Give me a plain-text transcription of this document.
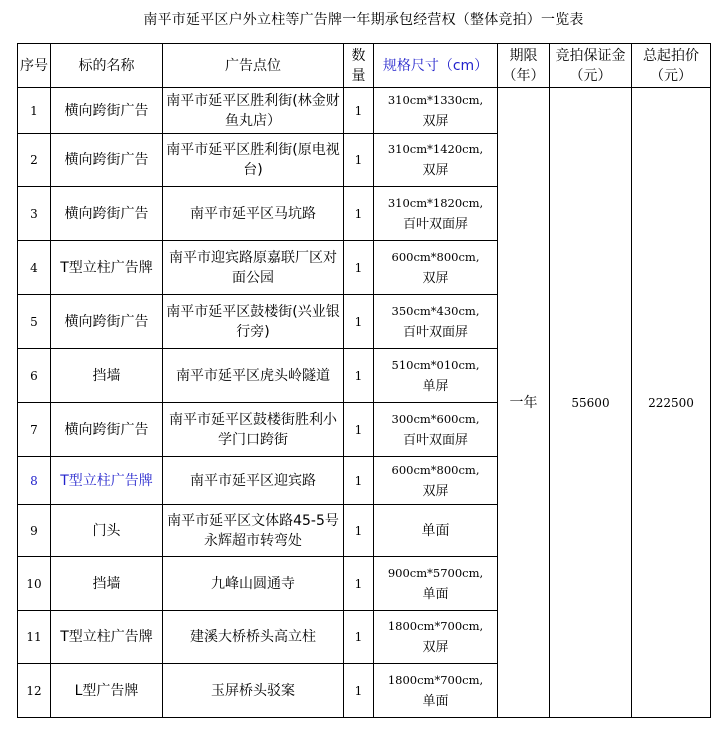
南平市延平区户外立柱等广告牌一年期承包经营权（整体竞拍）一览表
序号	标的名称	广告点位	数量	规格尺寸（cm）	期限（年）	竞拍保证金（元）	总起拍价（元）
1	横向跨街广告	南平市延平区胜利街(林金财鱼丸店）	1	310cm*1330cm,
双屏	一年	55600	222500
2	横向跨街广告	南平市延平区胜利街(原电视台)	1	310cm*1420cm,
双屏			

3	横向跨街广告	南平市延平区马坑路	1	310cm*1820cm,
百叶双面屏			

4	T型立柱广告牌	南平市迎宾路原嘉联厂区对面公园	1	600cm*800cm,
双屏			

5	横向跨街广告	南平市延平区鼓楼街(兴业银行旁)	1	350cm*430cm,
百叶双面屏			

6	挡墙	南平市延平区虎头岭隧道	1	510cm*010cm,
单屏			

7	横向跨街广告	南平市延平区鼓楼街胜利小学门口跨街	1	300cm*600cm,
百叶双面屏			

8	T型立柱广告牌	南平市延平区迎宾路	1	600cm*800cm,
双屏			

9	门头	南平市延平区文体路45-5号永辉超市转弯处	1	单面			

10	挡墙	九峰山圆通寺	1	900cm*5700cm,
单面			

11	T型立柱广告牌	建溪大桥桥头高立柱	1	1800cm*700cm,
双屏			

12	L型广告牌	玉屏桥头驳案	1	1800cm*700cm,
单面			
